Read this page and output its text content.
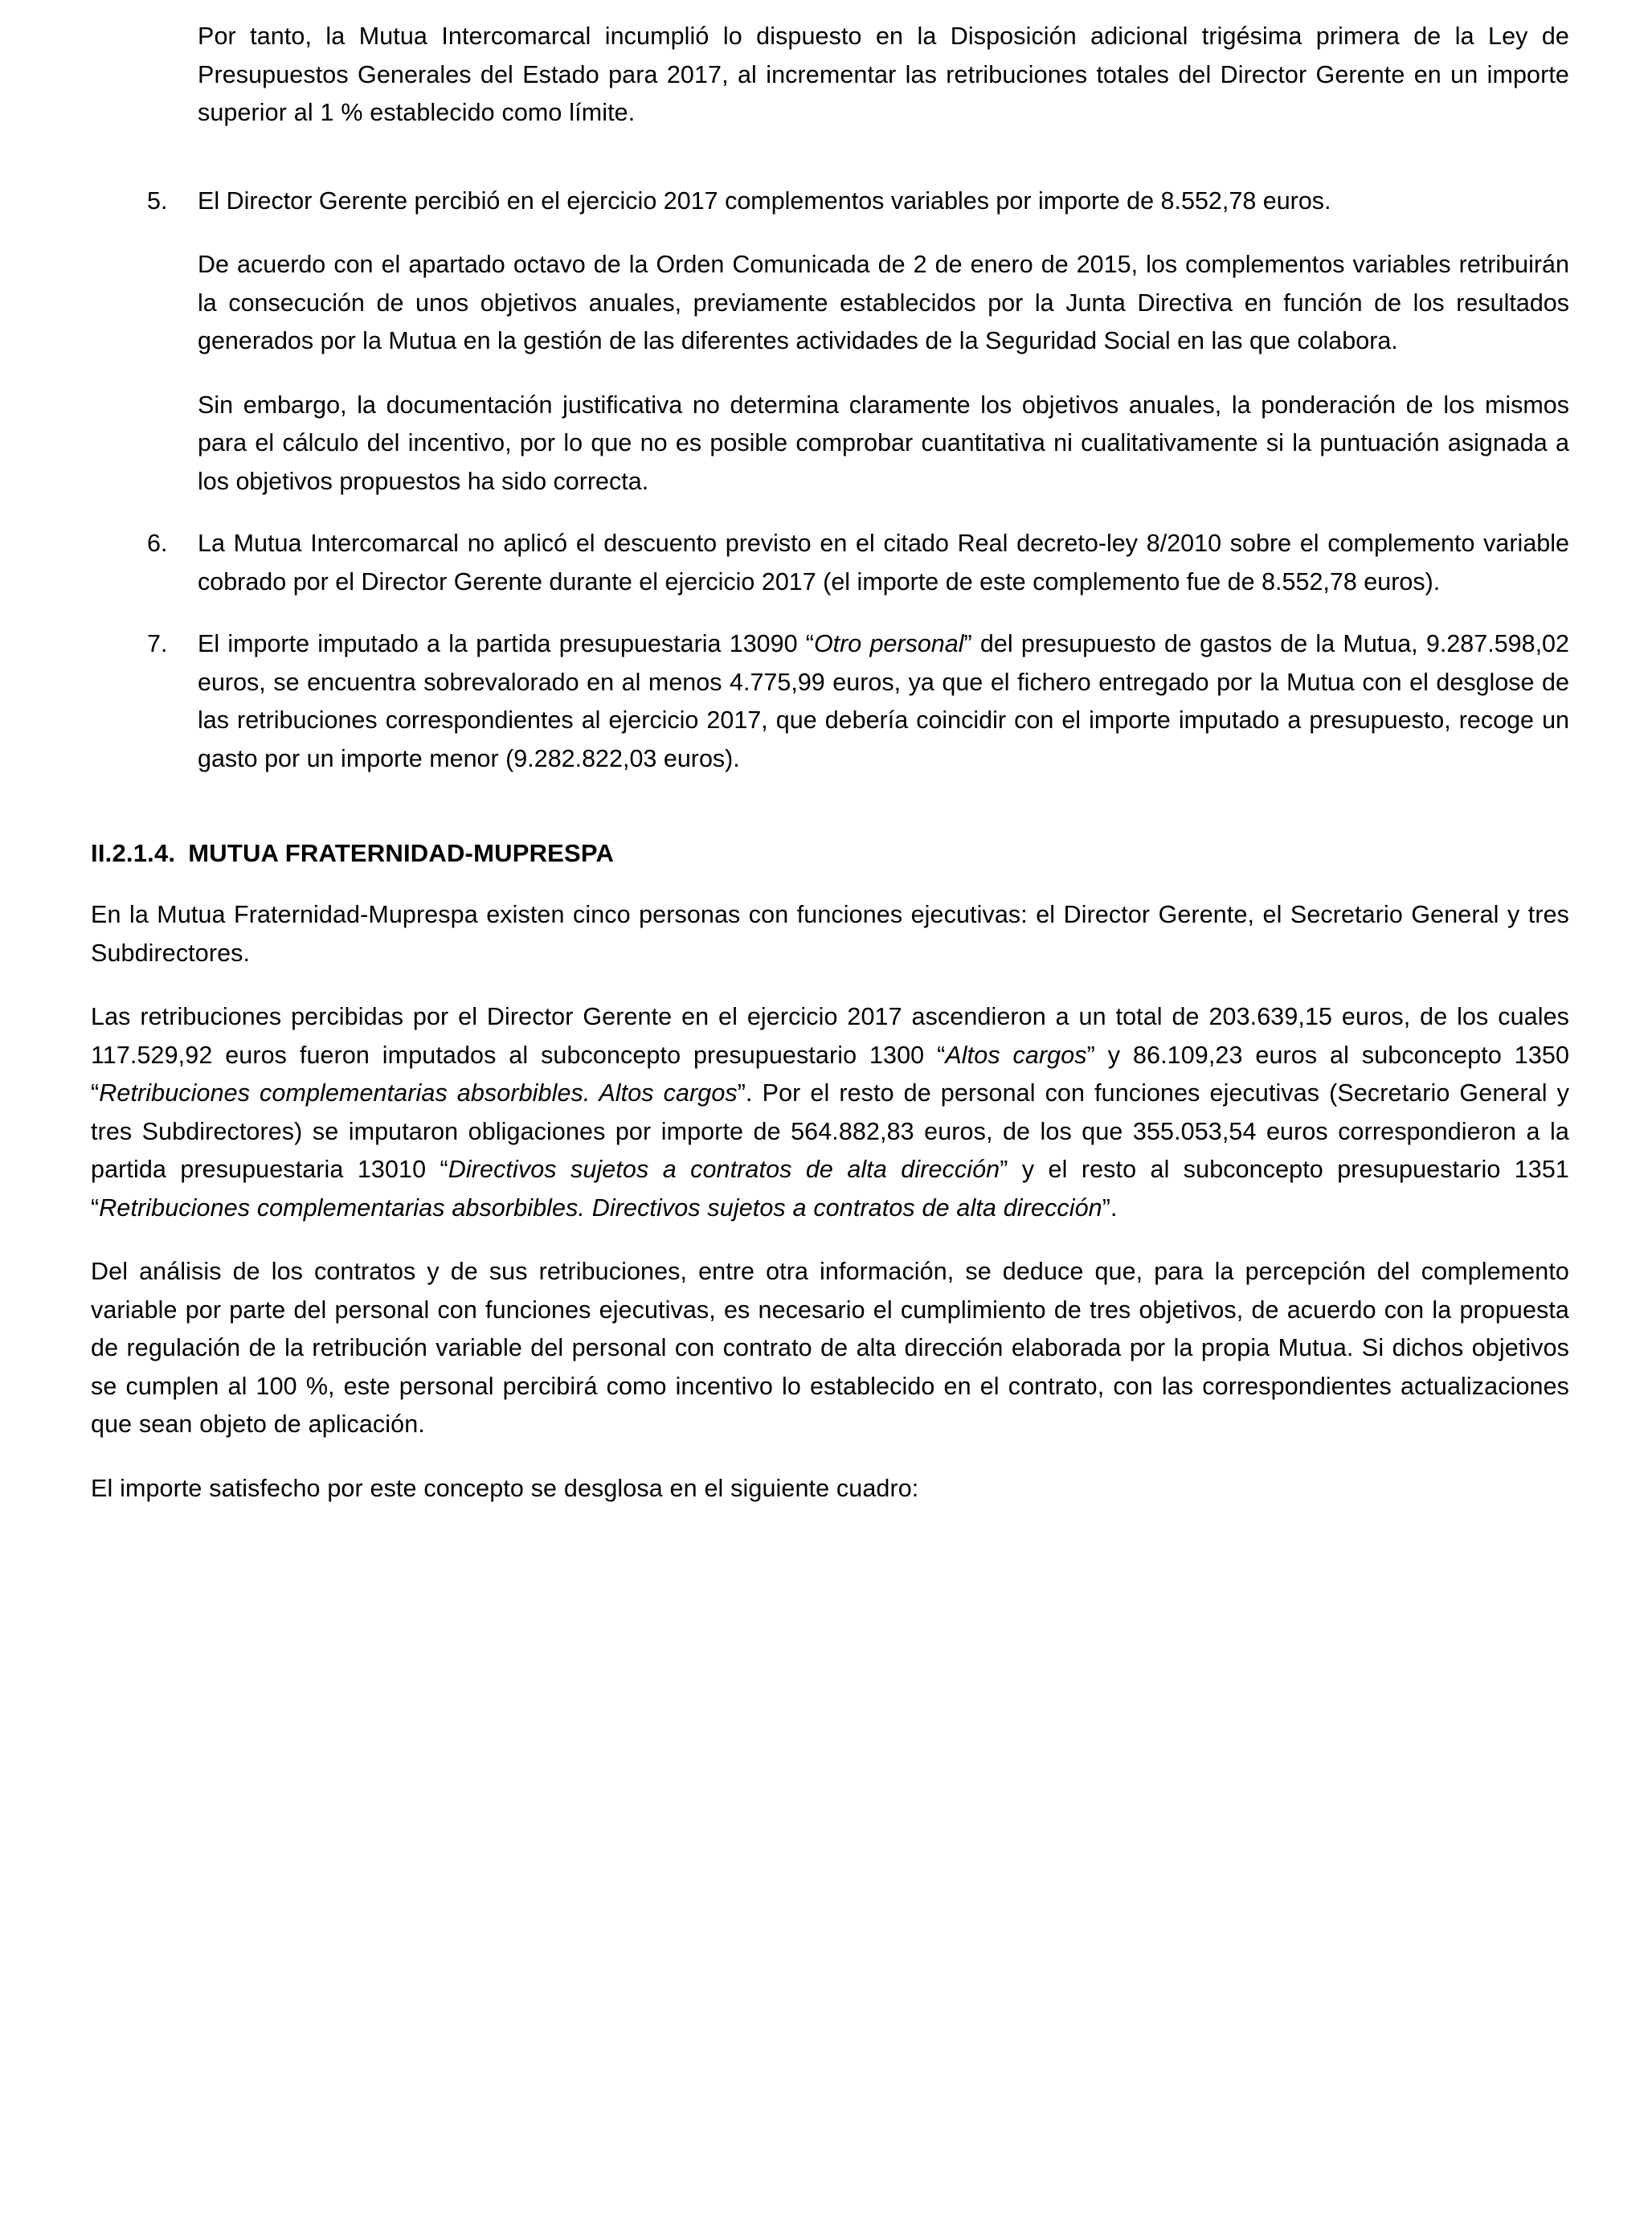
Por tanto, la Mutua Intercomarcal incumplió lo dispuesto en la Disposición adicional trigésima primera de la Ley de Presupuestos Generales del Estado para 2017, al incrementar las retribuciones totales del Director Gerente en un importe superior al 1 % establecido como límite.

5.	El Director Gerente percibió en el ejercicio 2017 complementos variables por importe de 8.552,78 euros.
De acuerdo con el apartado octavo de la Orden Comunicada de 2 de enero de 2015, los complementos variables retribuirán la consecución de unos objetivos anuales, previamente establecidos por la Junta Directiva en función de los resultados generados por la Mutua en la gestión de las diferentes actividades de la Seguridad Social en las que colabora.
Sin embargo, la documentación justificativa no determina claramente los objetivos anuales, la ponderación de los mismos para el cálculo del incentivo, por lo que no es posible comprobar cuantitativa ni cualitativamente si la puntuación asignada a los objetivos propuestos ha sido correcta.
6.	La Mutua Intercomarcal no aplicó el descuento previsto en el citado Real decreto-ley 8/2010 sobre el complemento variable cobrado por el Director Gerente durante el ejercicio 2017 (el importe de este complemento fue de 8.552,78 euros).
7.	El importe imputado a la partida presupuestaria 13090 “Otro personal” del presupuesto de gastos de la Mutua, 9.287.598,02 euros, se encuentra sobrevalorado en al menos 4.775,99 euros, ya que el fichero entregado por la Mutua con el desglose de las retribuciones correspondientes al ejercicio 2017, que debería coincidir con el importe imputado a presupuesto, recoge un gasto por un importe menor (9.282.822,03 euros).
II.2.1.4. MUTUA FRATERNIDAD-MUPRESPA

En la Mutua Fraternidad-Muprespa existen cinco personas con funciones ejecutivas: el Director Gerente, el Secretario General y tres Subdirectores.

Las retribuciones percibidas por el Director Gerente en el ejercicio 2017 ascendieron a un total de 203.639,15 euros, de los cuales 117.529,92 euros fueron imputados al subconcepto presupuestario 1300 “Altos cargos” y 86.109,23 euros al subconcepto 1350 “Retribuciones complementarias absorbibles. Altos cargos”. Por el resto de personal con funciones ejecutivas (Secretario General y tres Subdirectores) se imputaron obligaciones por importe de 564.882,83 euros, de los que 355.053,54 euros correspondieron a la partida presupuestaria 13010 “Directivos sujetos a contratos de alta dirección” y el resto al subconcepto presupuestario 1351 “Retribuciones complementarias absorbibles. Directivos sujetos a contratos de alta dirección”.

Del análisis de los contratos y de sus retribuciones, entre otra información, se deduce que, para la percepción del complemento variable por parte del personal con funciones ejecutivas, es necesario el cumplimiento de tres objetivos, de acuerdo con la propuesta de regulación de la retribución variable del personal con contrato de alta dirección elaborada por la propia Mutua. Si dichos objetivos se cumplen al 100 %, este personal percibirá como incentivo lo establecido en el contrato, con las correspondientes actualizaciones que sean objeto de aplicación.

El importe satisfecho por este concepto se desglosa en el siguiente cuadro:
